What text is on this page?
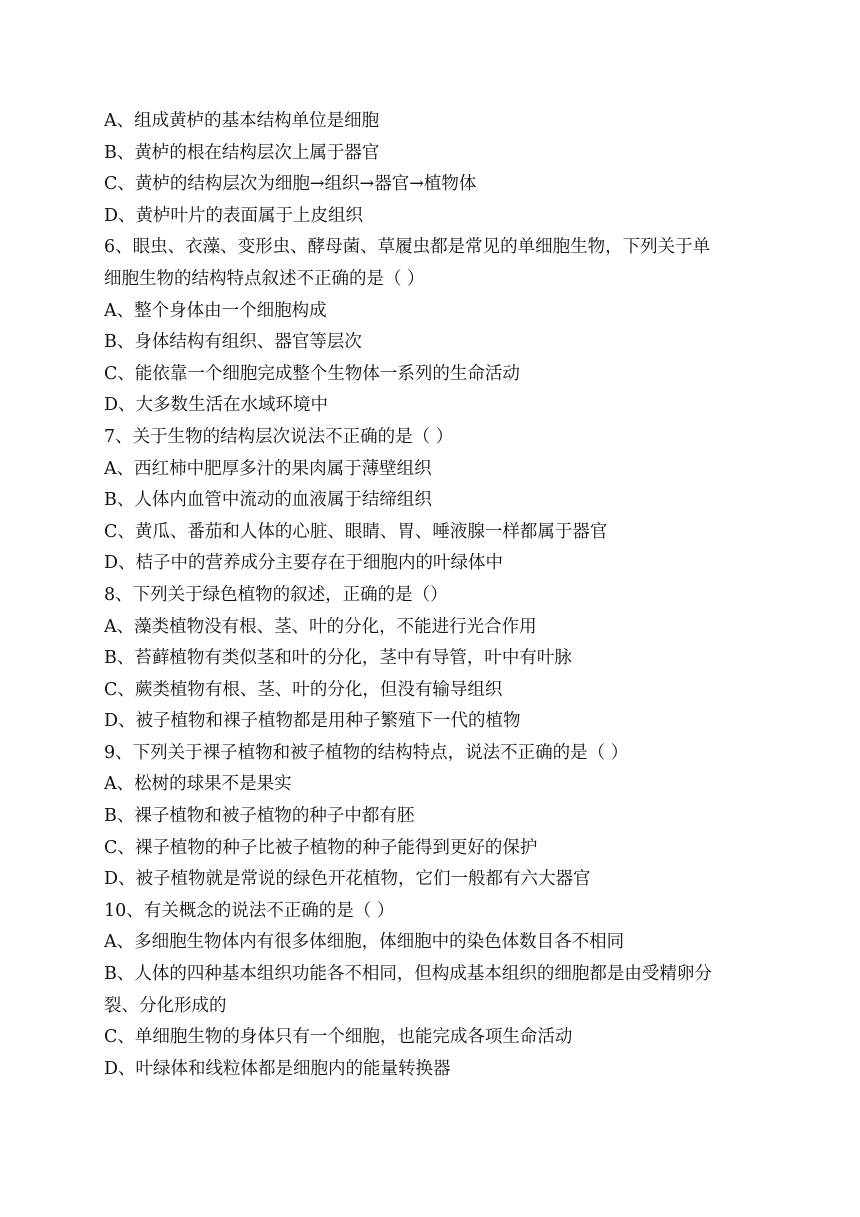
A、组成黄栌的基本结构单位是细胞
B、黄栌的根在结构层次上属于器官
C、黄栌的结构层次为细胞→组织→器官→植物体
D、黄栌叶片的表面属于上皮组织
6、眼虫、衣藻、变形虫、酵母菌、草履虫都是常见的单细胞生物，下列关于单
细胞生物的结构特点叙述不正确的是（ ）
A、整个身体由一个细胞构成
B、身体结构有组织、器官等层次
C、能依靠一个细胞完成整个生物体一系列的生命活动
D、大多数生活在水域环境中
7、关于生物的结构层次说法不正确的是（ ）
A、西红柿中肥厚多汁的果肉属于薄壁组织
B、人体内血管中流动的血液属于结缔组织
C、黄瓜、番茄和人体的心脏、眼睛、胃、唾液腺一样都属于器官
D、桔子中的营养成分主要存在于细胞内的叶绿体中
8、下列关于绿色植物的叙述，正确的是（）
A、藻类植物没有根、茎、叶的分化，不能进行光合作用
B、苔藓植物有类似茎和叶的分化，茎中有导管，叶中有叶脉
C、蕨类植物有根、茎、叶的分化，但没有输导组织
D、被子植物和裸子植物都是用种子繁殖下一代的植物
9、下列关于裸子植物和被子植物的结构特点，说法不正确的是（ ）
A、松树的球果不是果实
B、裸子植物和被子植物的种子中都有胚
C、裸子植物的种子比被子植物的种子能得到更好的保护
D、被子植物就是常说的绿色开花植物，它们一般都有六大器官
10、有关概念的说法不正确的是（ ）
A、多细胞生物体内有很多体细胞，体细胞中的染色体数目各不相同
B、人体的四种基本组织功能各不相同，但构成基本组织的细胞都是由受精卵分
裂、分化形成的
C、单细胞生物的身体只有一个细胞，也能完成各项生命活动
D、叶绿体和线粒体都是细胞内的能量转换器
